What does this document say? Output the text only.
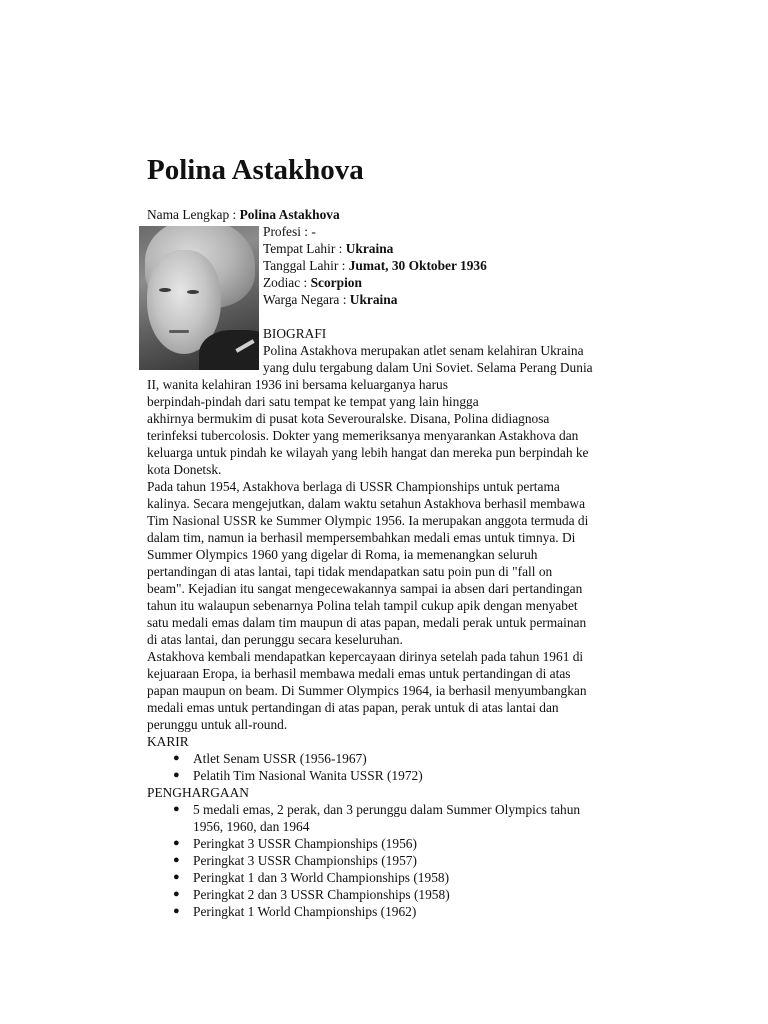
Polina Astakhova
Nama Lengkap : Polina Astakhova
Profesi : -
Tempat Lahir : Ukraina
Tanggal Lahir : Jumat, 30 Oktober 1936
Zodiac : Scorpion
Warga Negara : Ukraina
BIOGRAFI
Polina Astakhova merupakan atlet senam kelahiran Ukraina
yang dulu tergabung dalam Uni Soviet. Selama Perang Dunia
II, wanita kelahiran 1936 ini bersama keluarganya harus
berpindah-pindah dari satu tempat ke tempat yang lain hingga
akhirnya bermukim di pusat kota Severouralske. Disana, Polina didiagnosa
terinfeksi tubercolosis. Dokter yang memeriksanya menyarankan Astakhova dan
keluarga untuk pindah ke wilayah yang lebih hangat dan mereka pun berpindah ke
kota Donetsk.
Pada tahun 1954, Astakhova berlaga di USSR Championships untuk pertama
kalinya. Secara mengejutkan, dalam waktu setahun Astakhova berhasil membawa
Tim Nasional USSR ke Summer Olympic 1956. Ia merupakan anggota termuda di
dalam tim, namun ia berhasil mempersembahkan medali emas untuk timnya. Di
Summer Olympics 1960 yang digelar di Roma, ia memenangkan seluruh
pertandingan di atas lantai, tapi tidak mendapatkan satu poin pun di "fall on
beam". Kejadian itu sangat mengecewakannya sampai ia absen dari pertandingan
tahun itu walaupun sebenarnya Polina telah tampil cukup apik dengan menyabet
satu medali emas dalam tim maupun di atas papan, medali perak untuk permainan
di atas lantai, dan perunggu secara keseluruhan.
Astakhova kembali mendapatkan kepercayaan dirinya setelah pada tahun 1961 di
kejuaraan Eropa, ia berhasil membawa medali emas untuk pertandingan di atas
papan maupun on beam. Di Summer Olympics 1964, ia berhasil menyumbangkan
medali emas untuk pertandingan di atas papan, perak untuk di atas lantai dan
perunggu untuk all-round.
KARIR
● Atlet Senam USSR (1956-1967)
● Pelatih Tim Nasional Wanita USSR (1972)
PENGHARGAAN
● 5 medali emas, 2 perak, dan 3 perunggu dalam Summer Olympics tahun
1956, 1960, dan 1964
● Peringkat 3 USSR Championships (1956)
● Peringkat 3 USSR Championships (1957)
● Peringkat 1 dan 3 World Championships (1958)
● Peringkat 2 dan 3 USSR Championships (1958)
● Peringkat 1 World Championships (1962)
